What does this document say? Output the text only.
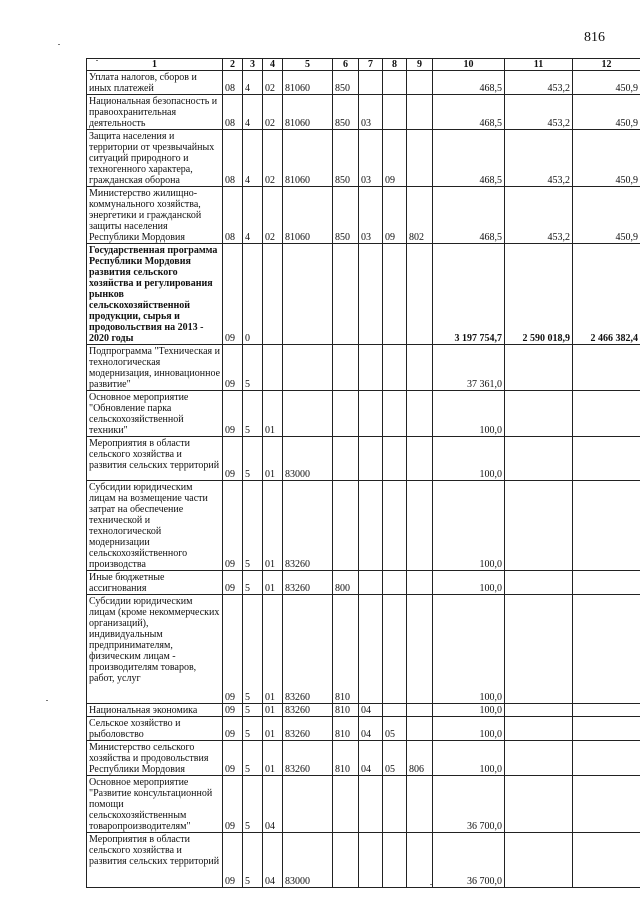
816
1	2	3	4	5	6	7	8	9	10	11	12
Уплата налогов, сборов и иных платежей	08	4	02	81060	850				468,5	453,2	450,9
Национальная безопасность и правоохранительная деятельность	08	4	02	81060	850	03			468,5	453,2	450,9
Защита населения и территории от чрезвычайных ситуаций природного и техногенного характера, гражданская оборона	08	4	02	81060	850	03	09		468,5	453,2	450,9
Министерство жилищно-коммунального хозяйства, энергетики и гражданской защиты населения Республики Мордовия	08	4	02	81060	850	03	09	802	468,5	453,2	450,9
Государственная программа Республики Мордовия развития сельского хозяйства и регулирования рынков сельскохозяйственной продукции, сырья и продовольствия на 2013 - 2020 годы	09	0							3 197 754,7	2 590 018,9	2 466 382,4
Подпрограмма "Техническая и технологическая модернизация, инновационное развитие"	09	5							37 361,0		
Основное мероприятие "Обновление парка сельскохозяйственной техники"	09	5	01						100,0		
Мероприятия в области сельского хозяйства и развития сельских территорий	09	5	01	83000					100,0		
Субсидии юридическим лицам на возмещение части затрат на обеспечение технической и технологической модернизации сельскохозяйственного производства	09	5	01	83260					100,0		
Иные бюджетные ассигнования	09	5	01	83260	800				100,0		
Субсидии юридическим лицам (кроме некоммерческих организаций), индивидуальным предпринимателям, физическим лицам - производителям товаров, работ, услуг	09	5	01	83260	810				100,0		
Национальная экономика	09	5	01	83260	810	04			100,0		
Сельское хозяйство и рыболовство	09	5	01	83260	810	04	05		100,0		
Министерство сельского хозяйства и продовольствия Республики Мордовия	09	5	01	83260	810	04	05	806	100,0		
Основное мероприятие "Развитие консультационной помощи сельскохозяйственным товаропроизводителям"	09	5	04						36 700,0		
Мероприятия в области сельского хозяйства и развития сельских территорий	09	5	04	83000					36 700,0		
